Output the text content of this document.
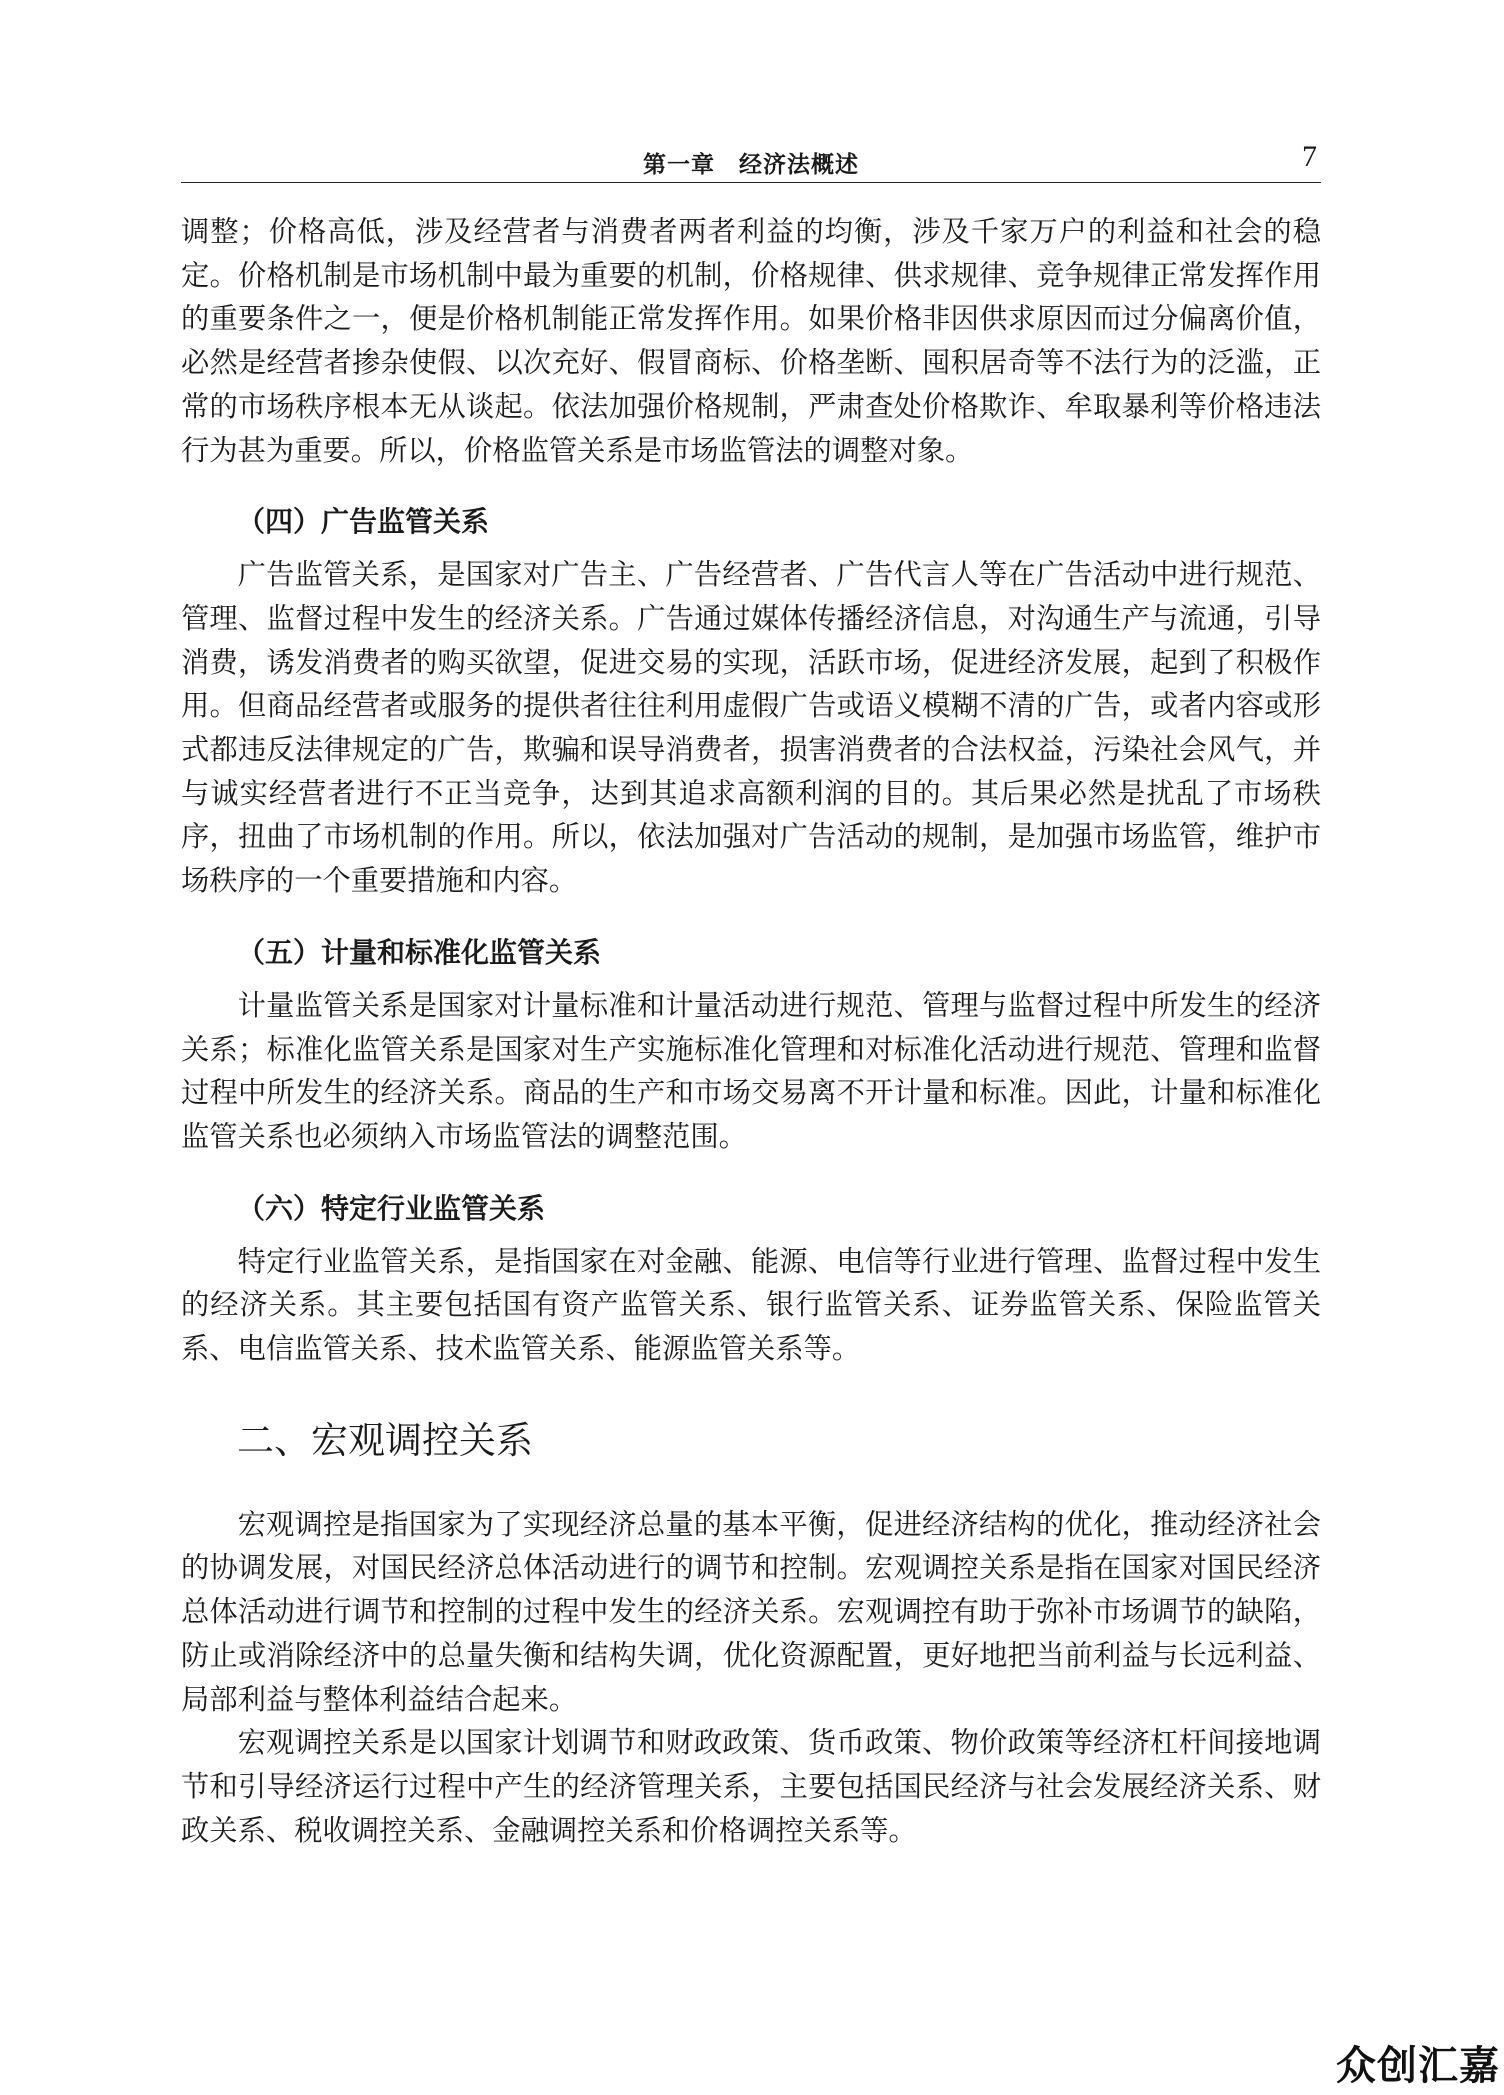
第一章　经济法概述	7

调整；价格高低，涉及经营者与消费者两者利益的均衡，涉及千家万户的利益和社会的稳定。价格机制是市场机制中最为重要的机制，价格规律、供求规律、竞争规律正常发挥作用的重要条件之一，便是价格机制能正常发挥作用。如果价格非因供求原因而过分偏离价值，必然是经营者掺杂使假、以次充好、假冒商标、价格垄断、囤积居奇等不法行为的泛滥，正常的市场秩序根本无从谈起。依法加强价格规制，严肃查处价格欺诈、牟取暴利等价格违法行为甚为重要。所以，价格监管关系是市场监管法的调整对象。

（四）广告监管关系

广告监管关系，是国家对广告主、广告经营者、广告代言人等在广告活动中进行规范、管理、监督过程中发生的经济关系。广告通过媒体传播经济信息，对沟通生产与流通，引导消费，诱发消费者的购买欲望，促进交易的实现，活跃市场，促进经济发展，起到了积极作用。但商品经营者或服务的提供者往往利用虚假广告或语义模糊不清的广告，或者内容或形式都违反法律规定的广告，欺骗和误导消费者，损害消费者的合法权益，污染社会风气，并与诚实经营者进行不正当竞争，达到其追求高额利润的目的。其后果必然是扰乱了市场秩序，扭曲了市场机制的作用。所以，依法加强对广告活动的规制，是加强市场监管，维护市场秩序的一个重要措施和内容。

（五）计量和标准化监管关系

计量监管关系是国家对计量标准和计量活动进行规范、管理与监督过程中所发生的经济关系；标准化监管关系是国家对生产实施标准化管理和对标准化活动进行规范、管理和监督过程中所发生的经济关系。商品的生产和市场交易离不开计量和标准。因此，计量和标准化监管关系也必须纳入市场监管法的调整范围。

（六）特定行业监管关系

特定行业监管关系，是指国家在对金融、能源、电信等行业进行管理、监督过程中发生的经济关系。其主要包括国有资产监管关系、银行监管关系、证券监管关系、保险监管关系、电信监管关系、技术监管关系、能源监管关系等。

二、宏观调控关系

宏观调控是指国家为了实现经济总量的基本平衡，促进经济结构的优化，推动经济社会的协调发展，对国民经济总体活动进行的调节和控制。宏观调控关系是指在国家对国民经济总体活动进行调节和控制的过程中发生的经济关系。宏观调控有助于弥补市场调节的缺陷，防止或消除经济中的总量失衡和结构失调，优化资源配置，更好地把当前利益与长远利益、局部利益与整体利益结合起来。

宏观调控关系是以国家计划调节和财政政策、货币政策、物价政策等经济杠杆间接地调节和引导经济运行过程中产生的经济管理关系，主要包括国民经济与社会发展经济关系、财政关系、税收调控关系、金融调控关系和价格调控关系等。

众创汇嘉
